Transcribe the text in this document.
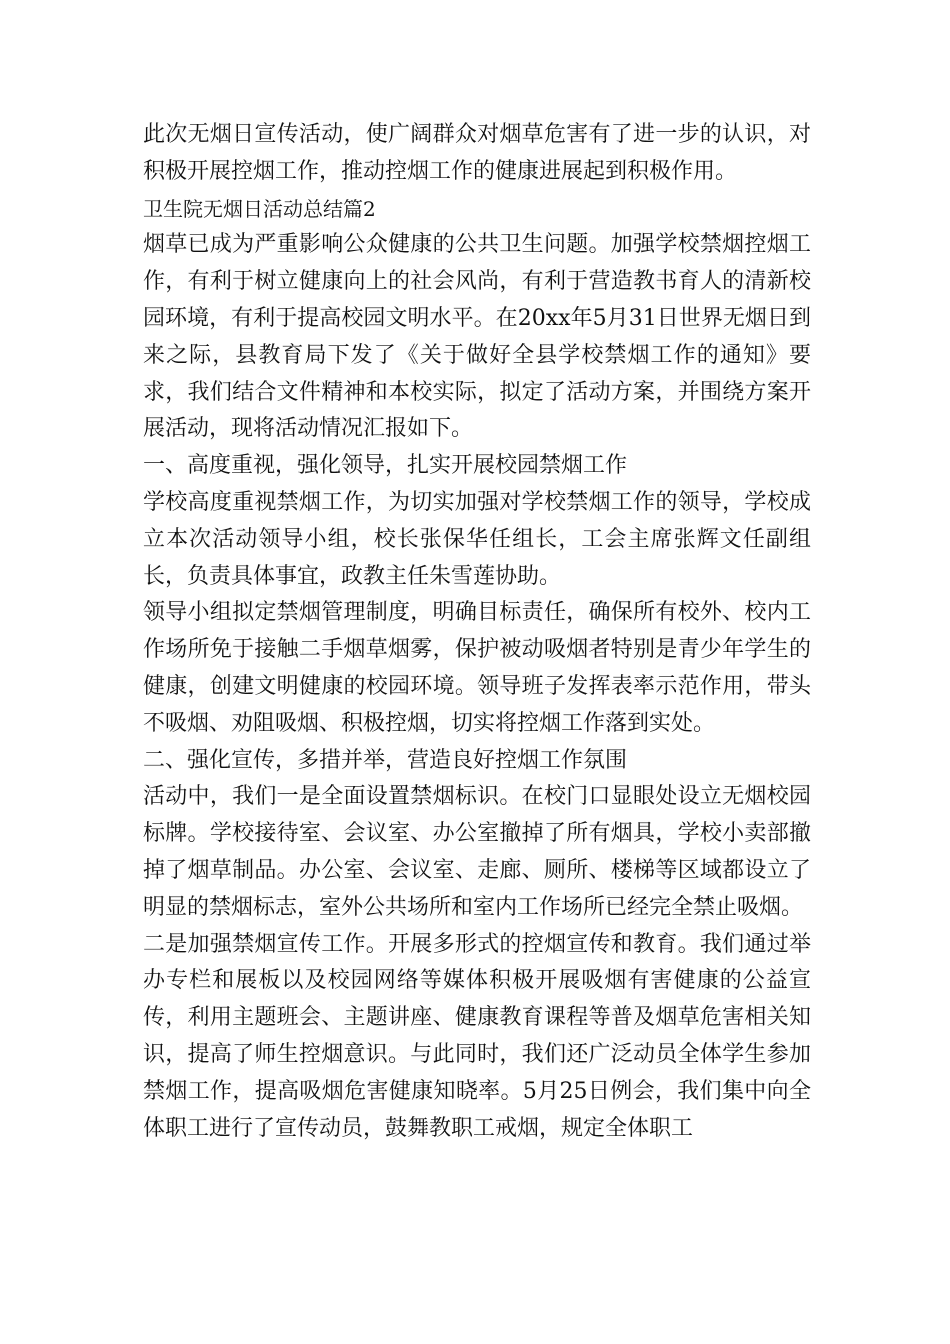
此次无烟日宣传活动，使广阔群众对烟草危害有了进一步的认识，对积极开展控烟工作，推动控烟工作的健康进展起到积极作用。

卫生院无烟日活动总结篇2

烟草已成为严重影响公众健康的公共卫生问题。加强学校禁烟控烟工作，有利于树立健康向上的社会风尚，有利于营造教书育人的清新校园环境，有利于提高校园文明水平。在20xx年5月31日世界无烟日到来之际，县教育局下发了《关于做好全县学校禁烟工作的通知》要求，我们结合文件精神和本校实际，拟定了活动方案，并围绕方案开展活动，现将活动情况汇报如下。

一、高度重视，强化领导，扎实开展校园禁烟工作

学校高度重视禁烟工作，为切实加强对学校禁烟工作的领导，学校成立本次活动领导小组，校长张保华任组长，工会主席张辉文任副组长，负责具体事宜，政教主任朱雪莲协助。

领导小组拟定禁烟管理制度，明确目标责任，确保所有校外、校内工作场所免于接触二手烟草烟雾，保护被动吸烟者特别是青少年学生的健康，创建文明健康的校园环境。领导班子发挥表率示范作用，带头不吸烟、劝阻吸烟、积极控烟，切实将控烟工作落到实处。

二、强化宣传，多措并举，营造良好控烟工作氛围

活动中，我们一是全面设置禁烟标识。在校门口显眼处设立无烟校园标牌。学校接待室、会议室、办公室撤掉了所有烟具，学校小卖部撤掉了烟草制品。办公室、会议室、走廊、厕所、楼梯等区域都设立了明显的禁烟标志，室外公共场所和室内工作场所已经完全禁止吸烟。

二是加强禁烟宣传工作。开展多形式的控烟宣传和教育。我们通过举办专栏和展板以及校园网络等媒体积极开展吸烟有害健康的公益宣传，利用主题班会、主题讲座、健康教育课程等普及烟草危害相关知识，提高了师生控烟意识。与此同时，我们还广泛动员全体学生参加禁烟工作，提高吸烟危害健康知晓率。5月25日例会，我们集中向全体职工进行了宣传动员，鼓舞教职工戒烟，规定全体职工
